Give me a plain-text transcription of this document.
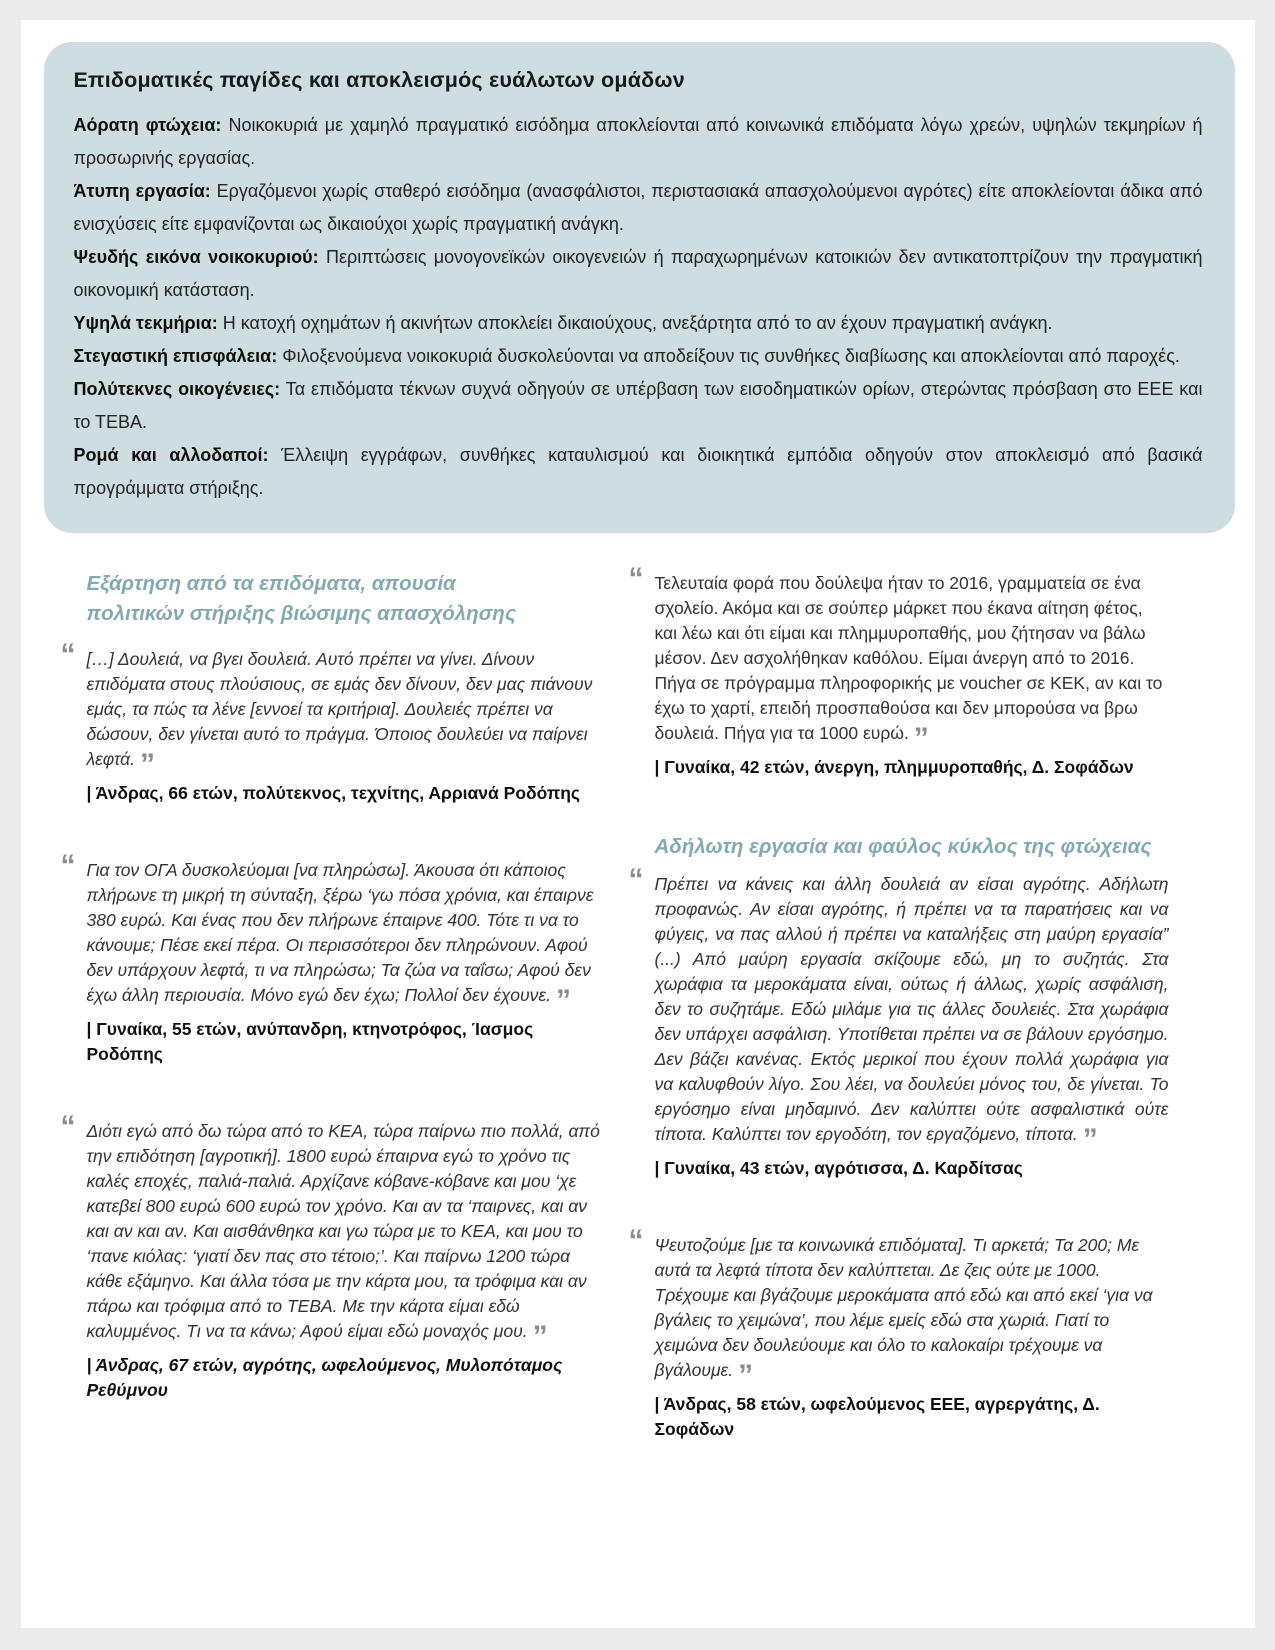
Επιδοματικές παγίδες και αποκλεισμός ευάλωτων ομάδων

Αόρατη φτώχεια: Νοικοκυριά με χαμηλό πραγματικό εισόδημα αποκλείονται από κοινωνικά επιδόματα λόγω χρεών, υψηλών τεκμηρίων ή προσωρινής εργασίας.

Άτυπη εργασία: Εργαζόμενοι χωρίς σταθερό εισόδημα (ανασφάλιστοι, περιστασιακά απασχολούμενοι αγρότες) είτε αποκλείονται άδικα από ενισχύσεις είτε εμφανίζονται ως δικαιούχοι χωρίς πραγματική ανάγκη.

Ψευδής εικόνα νοικοκυριού: Περιπτώσεις μονογονεϊκών οικογενειών ή παραχωρημένων κατοικιών δεν αντικατοπτρίζουν την πραγματική οικονομική κατάσταση.

Υψηλά τεκμήρια: Η κατοχή οχημάτων ή ακινήτων αποκλείει δικαιούχους, ανεξάρτητα από το αν έχουν πραγματική ανάγκη.

Στεγαστική επισφάλεια: Φιλοξενούμενα νοικοκυριά δυσκολεύονται να αποδείξουν τις συνθήκες διαβίωσης και αποκλείονται από παροχές.

Πολύτεκνες οικογένειες: Τα επιδόματα τέκνων συχνά οδηγούν σε υπέρβαση των εισοδηματικών ορίων, στερώντας πρόσβαση στο ΕΕΕ και το ΤΕΒΑ.

Ρομά και αλλοδαποί: Έλλειψη εγγράφων, συνθήκες καταυλισμού και διοικητικά εμπόδια οδηγούν στον αποκλεισμό από βασικά προγράμματα στήριξης.

Εξάρτηση από τα επιδόματα, απουσία πολιτικών στήριξης βιώσιμης απασχόλησης
“ […] Δουλειά, να βγει δουλειά. Αυτό πρέπει να γίνει. Δίνουν επιδόματα στους πλούσιους, σε εμάς δεν δίνουν, δεν μας πιάνουν εμάς, τα πώς τα λένε [εννοεί τα κριτήρια]. Δουλειές πρέπει να δώσουν, δεν γίνεται αυτό το πράγμα. Όποιος δουλεύει να παίρνει λεφτά. ”

| Άνδρας, 66 ετών, πολύτεκνος, τεχνίτης, Αρριανά Ροδόπης

“ Για τον ΟΓΑ δυσκολεύομαι [να πληρώσω]. Άκουσα ότι κάποιος πλήρωνε τη μικρή τη σύνταξη, ξέρω ‘γω πόσα χρόνια, και έπαιρνε 380 ευρώ. Και ένας που δεν πλήρωνε έπαιρνε 400. Τότε τι να το κάνουμε; Πέσε εκεί πέρα. Οι περισσότεροι δεν πληρώνουν. Αφού δεν υπάρχουν λεφτά, τι να πληρώσω; Τα ζώα να ταΐσω; Αφού δεν έχω άλλη περιουσία. Μόνο εγώ δεν έχω; Πολλοί δεν έχουνε. ”

| Γυναίκα, 55 ετών, ανύπανδρη, κτηνοτρόφος, Ίασμος Ροδόπης

“ Διότι εγώ από δω τώρα από το ΚΕΑ, τώρα παίρνω πιο πολλά, από την επιδότηση [αγροτική]. 1800 ευρώ έπαιρνα εγώ το χρόνο τις καλές εποχές, παλιά-παλιά. Αρχίζανε κόβανε-κόβανε και μου ‘χε κατεβεί 800 ευρώ 600 ευρώ τον χρόνο. Και αν τα ‘παιρνες, και αν και αν και αν. Και αισθάνθηκα και γω τώρα με το ΚΕΑ, και μου το ‘πανε κιόλας: ‘γιατί δεν πας στο τέτοιο;’. Και παίρνω 1200 τώρα κάθε εξάμηνο. Και άλλα τόσα με την κάρτα μου, τα τρόφιμα και αν πάρω και τρόφιμα από το ΤΕΒΑ. Με την κάρτα είμαι εδώ καλυμμένος. Τι να τα κάνω; Αφού είμαι εδώ μοναχός μου. ”

| Άνδρας, 67 ετών, αγρότης, ωφελούμενος, Μυλοπόταμος Ρεθύμνου

“ Τελευταία φορά που δούλεψα ήταν το 2016, γραμματεία σε ένα σχολείο. Ακόμα και σε σούπερ μάρκετ που έκανα αίτηση φέτος, και λέω και ότι είμαι και πλημμυροπαθής, μου ζήτησαν να βάλω μέσον. Δεν ασχολήθηκαν καθόλου. Είμαι άνεργη από το 2016. Πήγα σε πρόγραμμα πληροφορικής με voucher σε ΚΕΚ, αν και το έχω το χαρτί, επειδή προσπαθούσα και δεν μπορούσα να βρω δουλειά. Πήγα για τα 1000 ευρώ. ”

| Γυναίκα, 42 ετών, άνεργη, πλημμυροπαθής, Δ. Σοφάδων

Αδήλωτη εργασία και φαύλος κύκλος της φτώχειας
“ Πρέπει να κάνεις και άλλη δουλειά αν είσαι αγρότης. Αδήλωτη προφανώς. Αν είσαι αγρότης, ή πρέπει να τα παρατήσεις και να φύγεις, να πας αλλού ή πρέπει να καταλήξεις στη μαύρη εργασία” (...) Από μαύρη εργασία σκίζουμε εδώ, μη το συζητάς. Στα χωράφια τα μεροκάματα είναι, ούτως ή άλλως, χωρίς ασφάλιση, δεν το συζητάμε. Εδώ μιλάμε για τις άλλες δουλειές. Στα χωράφια δεν υπάρχει ασφάλιση. Υποτίθεται πρέπει να σε βάλουν εργόσημο. Δεν βάζει κανένας. Εκτός μερικοί που έχουν πολλά χωράφια για να καλυφθούν λίγο. Σου λέει, να δουλεύει μόνος του, δε γίνεται. Το εργόσημο είναι μηδαμινό. Δεν καλύπτει ούτε ασφαλιστικά ούτε τίποτα. Καλύπτει τον εργοδότη, τον εργαζόμενο, τίποτα. ”

| Γυναίκα, 43 ετών, αγρότισσα, Δ. Καρδίτσας

“ Ψευτοζούμε [με τα κοινωνικά επιδόματα]. Τι αρκετά; Τα 200; Με αυτά τα λεφτά τίποτα δεν καλύπτεται. Δε ζεις ούτε με 1000. Τρέχουμε και βγάζουμε μεροκάματα από εδώ και από εκεί ‘για να βγάλεις το χειμώνα’, που λέμε εμείς εδώ στα χωριά. Γιατί το χειμώνα δεν δουλεύουμε και όλο το καλοκαίρι τρέχουμε να βγάλουμε. ”

| Άνδρας, 58 ετών, ωφελούμενος ΕΕΕ, αγρεργάτης, Δ. Σοφάδων
